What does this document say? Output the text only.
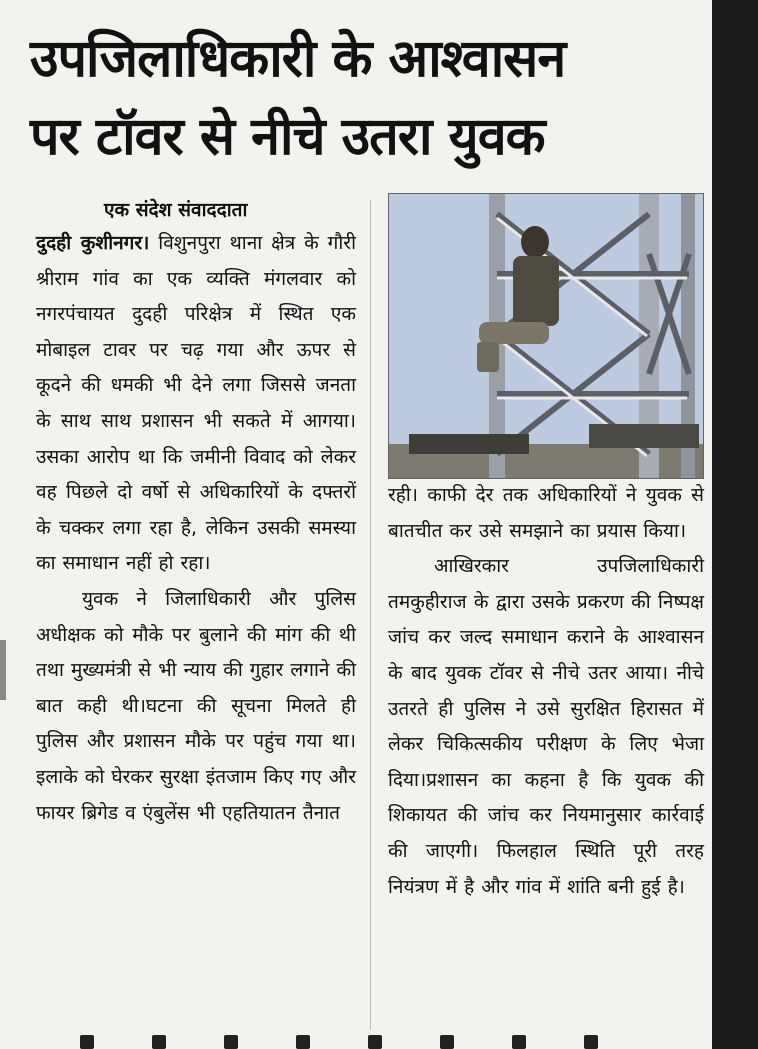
उपजिलाधिकारी के आश्वासन
पर टॉवर से नीचे उतरा युवक
एक संदेश संवाददाता

दुदही कुशीनगर। विशुनपुरा थाना क्षेत्र के गौरी श्रीराम गांव का एक व्यक्ति मंगलवार को नगरपंचायत दुदही परिक्षेत्र में स्थित एक मोबाइल टावर पर चढ़ गया और ऊपर से कूदने की धमकी भी देने लगा जिससे जनता के साथ साथ प्रशासन भी सकते में आगया। उसका आरोप था कि जमीनी विवाद को लेकर वह पिछले दो वर्षो से अधिकारियों के दफ्तरों के चक्कर लगा रहा है, लेकिन उसकी समस्या का समाधान नहीं हो रहा।

युवक ने जिलाधिकारी और पुलिस अधीक्षक को मौके पर बुलाने की मांग की थी तथा मुख्यमंत्री से भी न्याय की गुहार लगाने की बात कही थी।घटना की सूचना मिलते ही पुलिस और प्रशासन मौके पर पहुंच गया था। इलाके को घेरकर सुरक्षा इंतजाम किए गए और फायर ब्रिगेड व एंबुलेंस भी एहतियातन तैनात

रही। काफी देर तक अधिकारियों ने युवक से बातचीत कर उसे समझाने का प्रयास किया।

आखिरकार उपजिलाधिकारी तमकुहीराज के द्वारा उसके प्रकरण की निष्पक्ष जांच कर जल्द समाधान कराने के आश्वासन के बाद युवक टॉवर से नीचे उतर आया। नीचे उतरते ही पुलिस ने उसे सुरक्षित हिरासत में लेकर चिकित्सकीय परीक्षण के लिए भेजा दिया।प्रशासन का कहना है कि युवक की शिकायत की जांच कर नियमानुसार कार्रवाई की जाएगी। फिलहाल स्थिति पूरी तरह नियंत्रण में है और गांव में शांति बनी हुई है।
